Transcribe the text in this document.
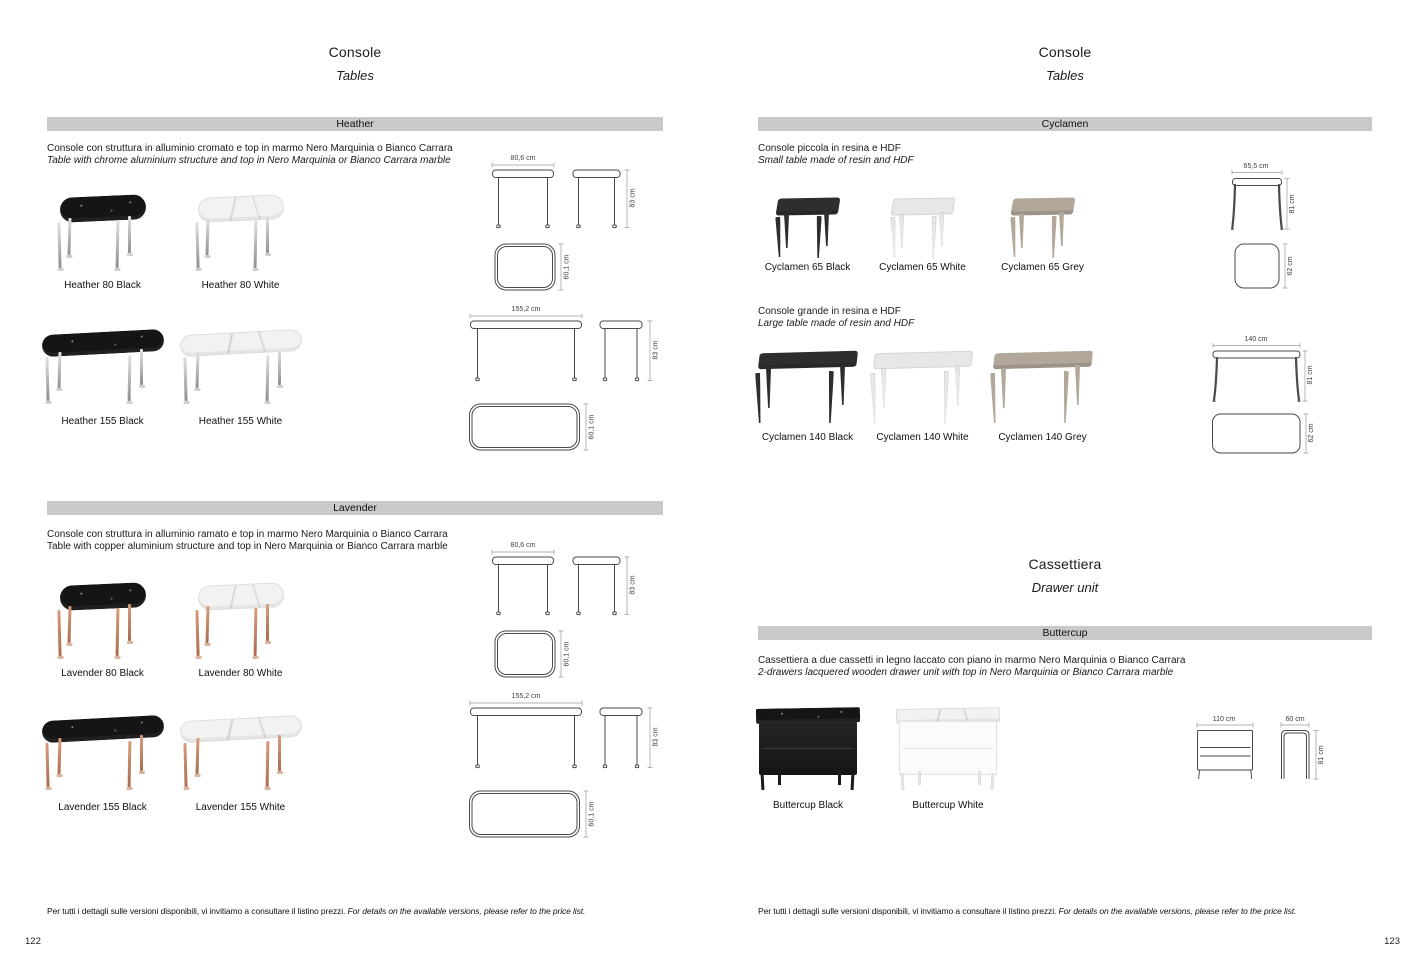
Console
Tables
Heather
Console con struttura in alluminio cromato e top in marmo Nero Marquinia o Bianco Carrara
Table with chrome aluminium structure and top in Nero Marquinia or Bianco Carrara marble
Heather 80 Black	Heather 80 White
Heather 155 Black	Heather 155 White
80,6 cm
83 cm
60,1 cm
155,2 cm
83 cm
60,1 cm
Lavender
Console con struttura in alluminio ramato e top in marmo Nero Marquinia o Bianco Carrara
Table with copper aluminium structure and top in Nero Marquinia or Bianco Carrara marble
Lavender 80 Black	Lavender 80 White
Lavender 155 Black	Lavender 155 White
80,6 cm
83 cm
60,1 cm
155,2 cm
83 cm
60,1 cm
Per tutti i dettagli sulle versioni disponibili, vi invitiamo a consultare il listino prezzi. For details on the available versions, please refer to the price list.
122
Console
Tables
Cyclamen
Console piccola in resina e HDF
Small table made of resin and HDF
Cyclamen 65 Black	Cyclamen 65 White	Cyclamen 65 Grey
Console grande in resina e HDF
Large table made of resin and HDF
Cyclamen 140 Black Cyclamen 140 White	Cyclamen 140 Grey
65,5 cm
81 cm
62 cm
140 cm
81 cm
62 cm
Cassettiera
Drawer unit
Buttercup
Cassettiera a due cassetti in legno laccato con piano in marmo Nero Marquinia o Bianco Carrara
2-drawers lacquered wooden drawer unit with top in Nero Marquinia or Bianco Carrara marble
Buttercup Black	Buttercup White
110 cm	60 cm
81 cm
Per tutti i dettagli sulle versioni disponibili, vi invitiamo a consultare il listino prezzi. For details on the available versions, please refer to the price list.
123
